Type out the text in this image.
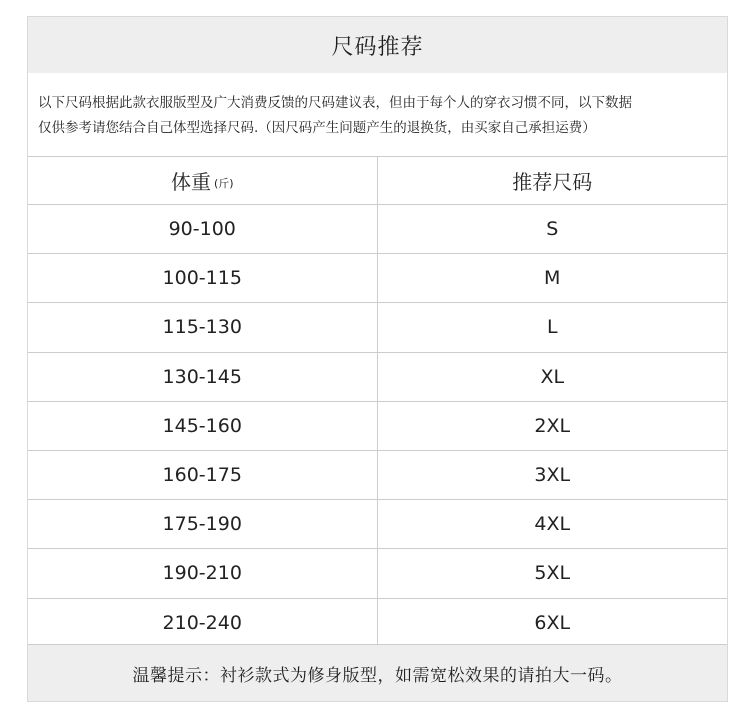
尺码推荐
以下尺码根据此款衣服版型及广大消费反馈的尺码建议表，但由于每个人的穿衣习惯不同，以下数据
仅供参考请您结合自己体型选择尺码.（因尺码产生问题产生的退换货，由买家自己承担运费）
体重 (斤)	推荐尺码
90-100	S
100-115	M
115-130	L
130-145	XL
145-160	2XL
160-175	3XL
175-190	4XL
190-210	5XL
210-240	6XL
温馨提示：衬衫款式为修身版型，如需宽松效果的请拍大一码。
